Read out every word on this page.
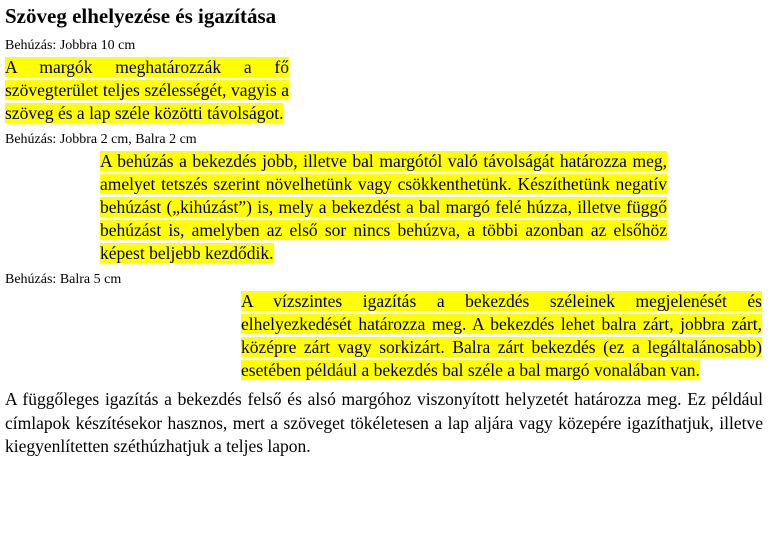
Szöveg elhelyezése és igazítása

Behúzás: Jobbra 10 cm

A margók meghatározzák a fő szövegterület teljes szélességét, vagyis a szöveg és a lap széle közötti távolságot.

Behúzás: Jobbra 2 cm, Balra 2 cm

A behúzás a bekezdés jobb, illetve bal margótól való távolságát határozza meg, amelyet tetszés szerint növelhetünk vagy csökkenthetünk. Készíthetünk negatív behúzást („kihúzást”) is, mely a bekezdést a bal margó felé húzza, illetve függő behúzást is, amelyben az első sor nincs behúzva, a többi azonban az elsőhöz képest beljebb kezdődik.

Behúzás: Balra 5 cm

A vízszintes igazítás a bekezdés széleinek megjelenését és elhelyezkedését határozza meg. A bekezdés lehet balra zárt, jobbra zárt, középre zárt vagy sorkizárt. Balra zárt bekezdés (ez a legáltalánosabb) esetében például a bekezdés bal széle a bal margó vonalában van.

A függőleges igazítás a bekezdés felső és alsó margóhoz viszonyított helyzetét határozza meg. Ez például címlapok készítésekor hasznos, mert a szöveget tökéletesen a lap aljára vagy közepére igazíthatjuk, illetve kiegyenlítetten széthúzhatjuk a teljes lapon.
